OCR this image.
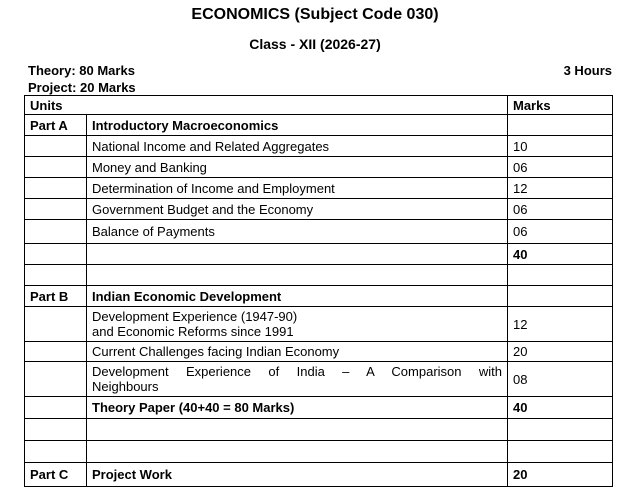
ECONOMICS (Subject Code 030)
Class - XII (2026-27)
Theory: 80 Marks
Project: 20 Marks
3 Hours
Units		Marks
Part A	Introductory Macroeconomics	
	National Income and Related Aggregates	10
	Money and Banking	06
	Determination of Income and Employment	12
	Government Budget and the Economy	06
	Balance of Payments	06
		40

Part B	Indian Economic Development	

	Development Experience (1947-90)
and Economic Reforms since 1991	12
	Current Challenges facing Indian Economy	20

	Development Experience of India – A Comparison with
Neighbours	08
	Theory Paper (40+40 = 80 Marks)	40

Part C	Project Work	20
